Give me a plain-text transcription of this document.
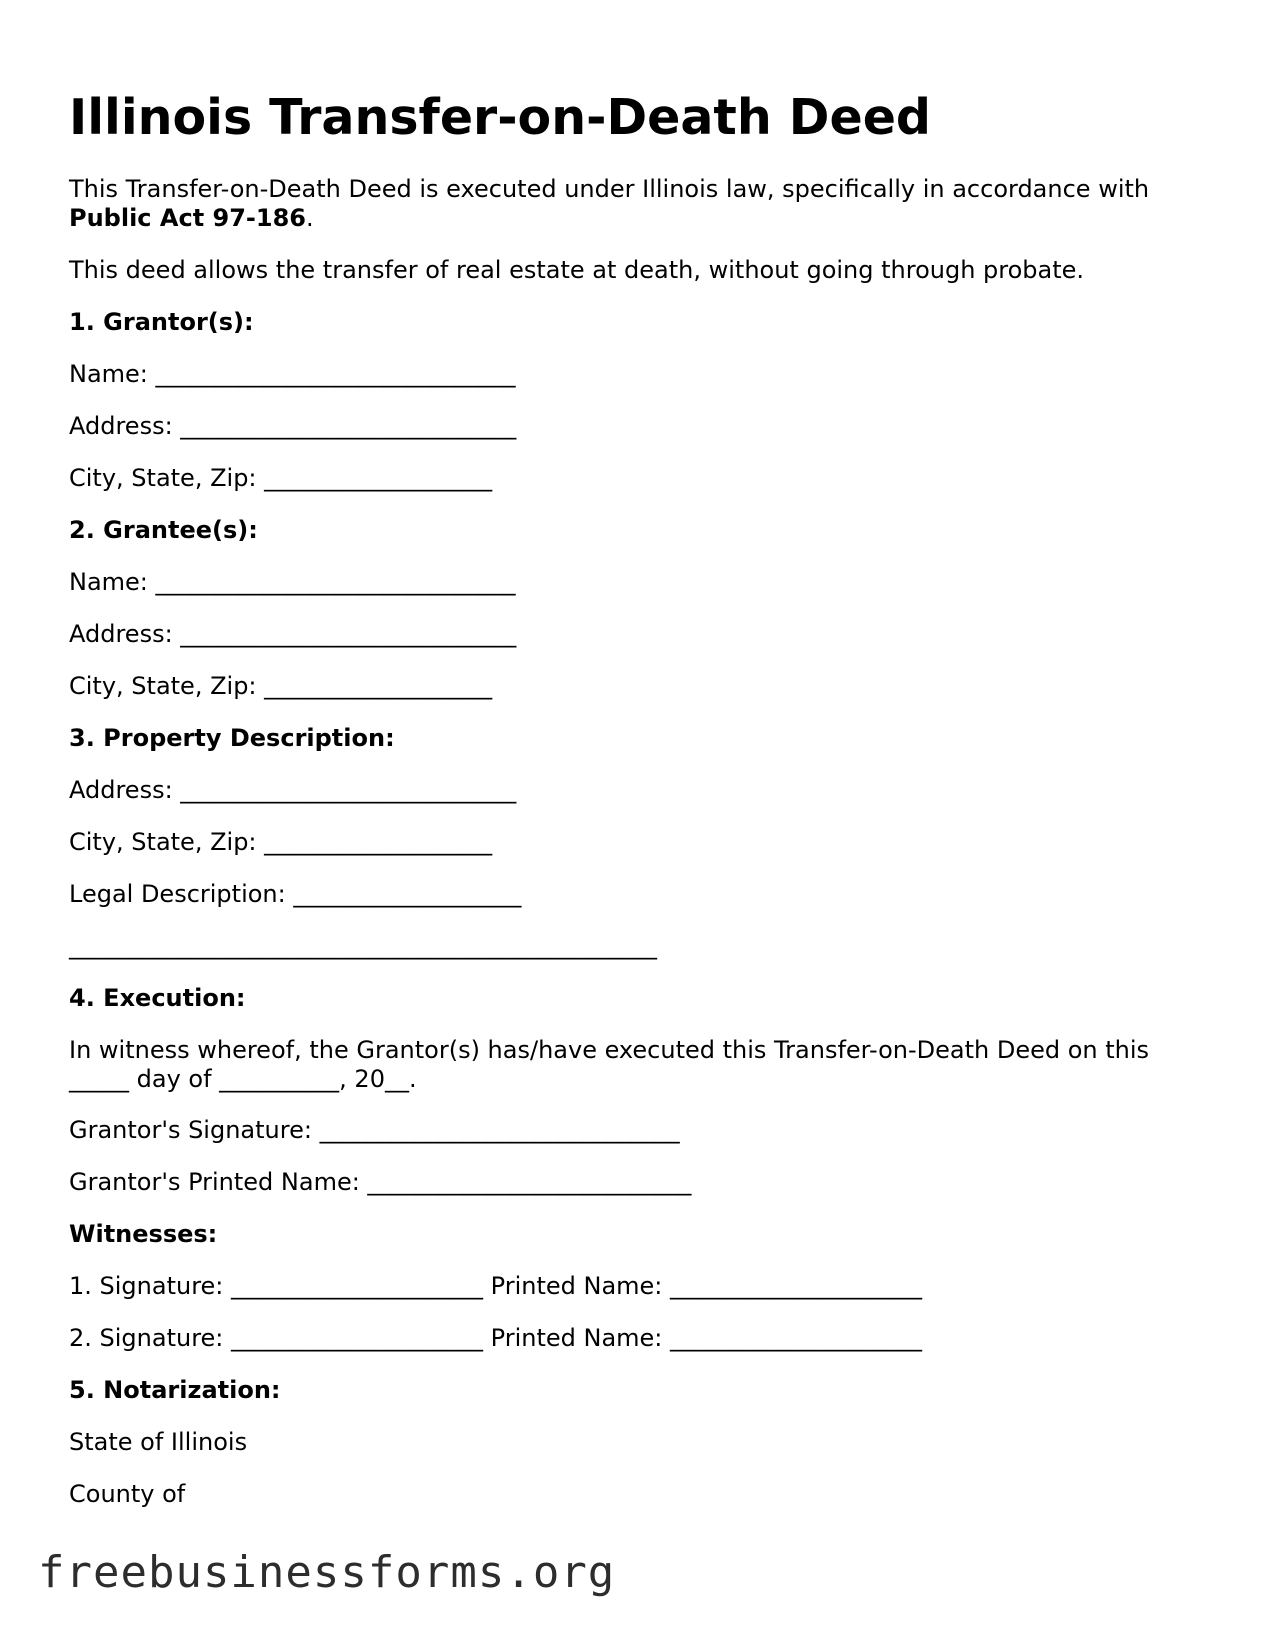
Illinois Transfer-on-Death Deed
This Transfer-on-Death Deed is executed under Illinois law, specifically in accordance with Public Act 97-186.
This deed allows the transfer of real estate at death, without going through probate.
1. Grantor(s):
Name: ______________________________
Address: ____________________________
City, State, Zip: ___________________
2. Grantee(s):
Name: ______________________________
Address: ____________________________
City, State, Zip: ___________________
3. Property Description:
Address: ____________________________
City, State, Zip: ___________________
Legal Description: ___________________
_________________________________________________
4. Execution:
In witness whereof, the Grantor(s) has/have executed this Transfer-on-Death Deed on this _____ day of __________, 20__.
Grantor's Signature: ______________________________
Grantor's Printed Name: ___________________________
Witnesses:
1. Signature: _____________________ Printed Name: _____________________
2. Signature: _____________________ Printed Name: _____________________
5. Notarization:
State of Illinois
County of
freebusinessforms.org
